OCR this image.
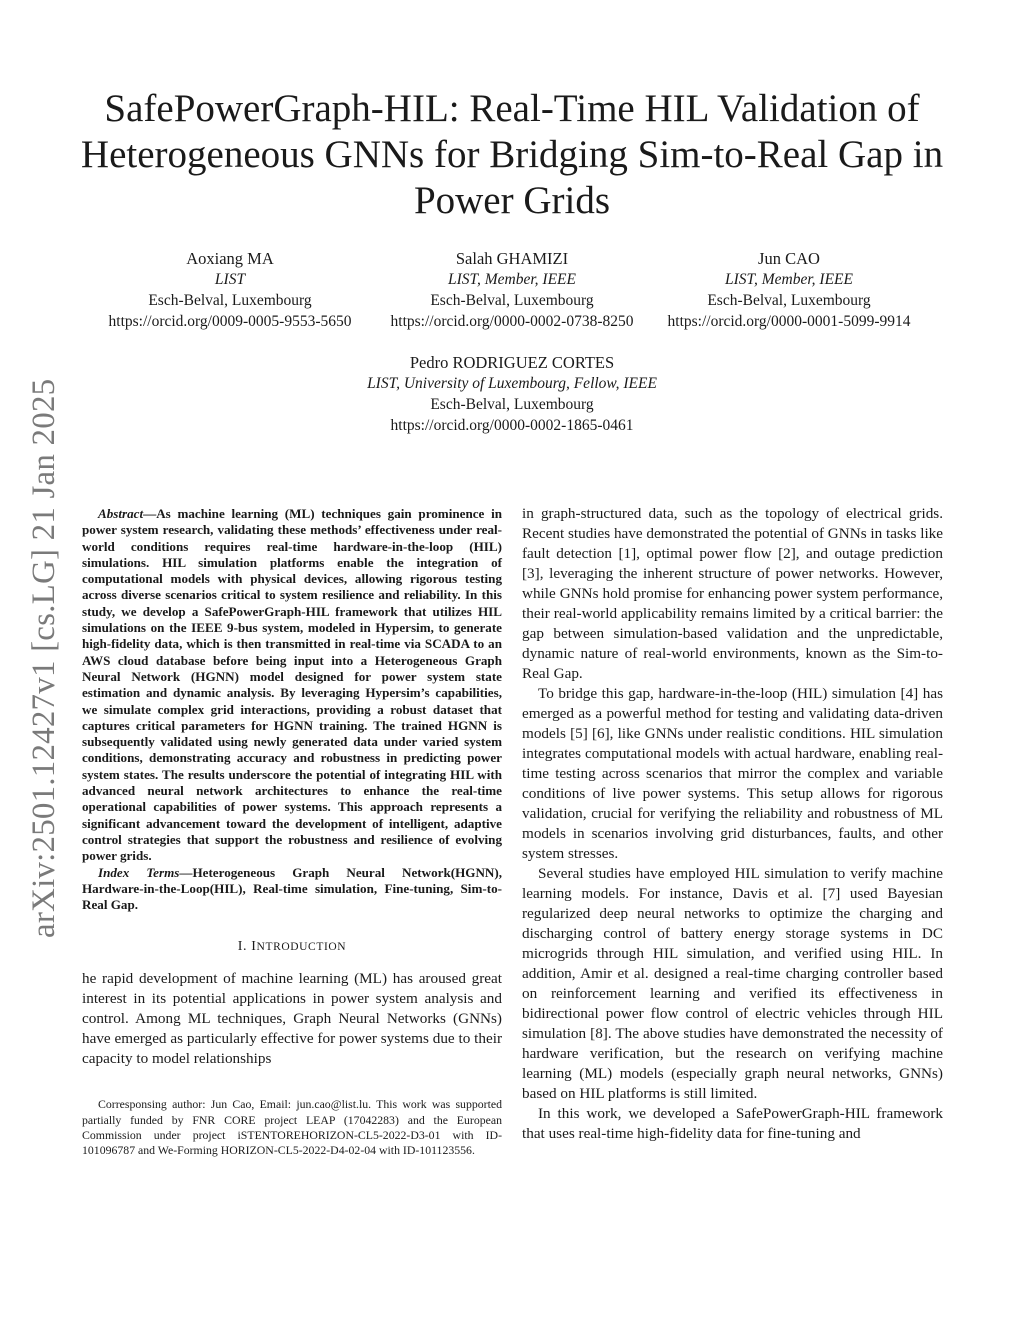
SafePowerGraph-HIL: Real-Time HIL Validation of Heterogeneous GNNs for Bridging Sim-to-Real Gap in Power Grids
Aoxiang MA
LIST
Esch-Belval, Luxembourg
https://orcid.org/0009-0005-9553-5650
Salah GHAMIZI
LIST, Member, IEEE
Esch-Belval, Luxembourg
https://orcid.org/0000-0002-0738-8250
Jun CAO
LIST, Member, IEEE
Esch-Belval, Luxembourg
https://orcid.org/0000-0001-5099-9914
Pedro RODRIGUEZ CORTES
LIST, University of Luxembourg, Fellow, IEEE
Esch-Belval, Luxembourg
https://orcid.org/0000-0002-1865-0461
arXiv:2501.12427v1 [cs.LG] 21 Jan 2025	Abstract—As machine learning (ML) techniques gain prominence in power system research, validating these methods’ effectiveness under real-world conditions requires real-time hardware-in-the-loop (HIL) simulations. HIL simulation platforms enable the integration of computational models with physical devices, allowing rigorous testing across diverse scenarios critical to system resilience and reliability. In this study, we develop a SafePowerGraph-HIL framework that utilizes HIL simulations on the IEEE 9-bus system, modeled in Hypersim, to generate high-fidelity data, which is then transmitted in real-time via SCADA to an AWS cloud database before being input into a Heterogeneous Graph Neural Network (HGNN) model designed for power system state estimation and dynamic analysis. By leveraging Hypersim’s capabilities, we simulate complex grid interactions, providing a robust dataset that captures critical parameters for HGNN training. The trained HGNN is subsequently validated using newly generated data under varied system conditions, demonstrating accuracy and robustness in predicting power system states. The results underscore the potential of integrating HIL with advanced neural network architectures to enhance the real-time operational capabilities of power systems. This approach represents a significant advancement toward the development of intelligent, adaptive control strategies that support the robustness and resilience of evolving power grids.

Index Terms—Heterogeneous Graph Neural Network(HGNN), Hardware-in-the-Loop(HIL), Real-time simulation, Fine-tuning, Sim-to-Real Gap.

I. INTRODUCTION

he rapid development of machine learning (ML) has aroused great interest in its potential applications in power system analysis and control. Among ML techniques, Graph Neural Networks (GNNs) have emerged as particularly effective for power systems due to their capacity to model relationships

Corresponsing author: Jun Cao, Email: jun.cao@list.lu. This work was supported partially funded by FNR CORE project LEAP (17042283) and the European Commission under project iSTENTOREHORIZON-CL5-2022-D3-01 with ID-101096787 and We-Forming HORIZON-CL5-2022-D4-02-04 with ID-101123556.

in graph-structured data, such as the topology of electrical grids. Recent studies have demonstrated the potential of GNNs in tasks like fault detection [1], optimal power flow [2], and outage prediction [3], leveraging the inherent structure of power networks. However, while GNNs hold promise for enhancing power system performance, their real-world applicability remains limited by a critical barrier: the gap between simulation-based validation and the unpredictable, dynamic nature of real-world environments, known as the Sim-to-Real Gap.

To bridge this gap, hardware-in-the-loop (HIL) simulation [4] has emerged as a powerful method for testing and validating data-driven models [5] [6], like GNNs under realistic conditions. HIL simulation integrates computational models with actual hardware, enabling real-time testing across scenarios that mirror the complex and variable conditions of live power systems. This setup allows for rigorous validation, crucial for verifying the reliability and robustness of ML models in scenarios involving grid disturbances, faults, and other system stresses.

Several studies have employed HIL simulation to verify machine learning models. For instance, Davis et al. [7] used Bayesian regularized deep neural networks to optimize the charging and discharging control of battery energy storage systems in DC microgrids through HIL simulation, and verified using HIL. In addition, Amir et al. designed a real-time charging controller based on reinforcement learning and verified its effectiveness in bidirectional power flow control of electric vehicles through HIL simulation [8]. The above studies have demonstrated the necessity of hardware verification, but the research on verifying machine learning (ML) models (especially graph neural networks, GNNs) based on HIL platforms is still limited.

In this work, we developed a SafePowerGraph-HIL framework that uses real-time high-fidelity data for fine-tuning and
